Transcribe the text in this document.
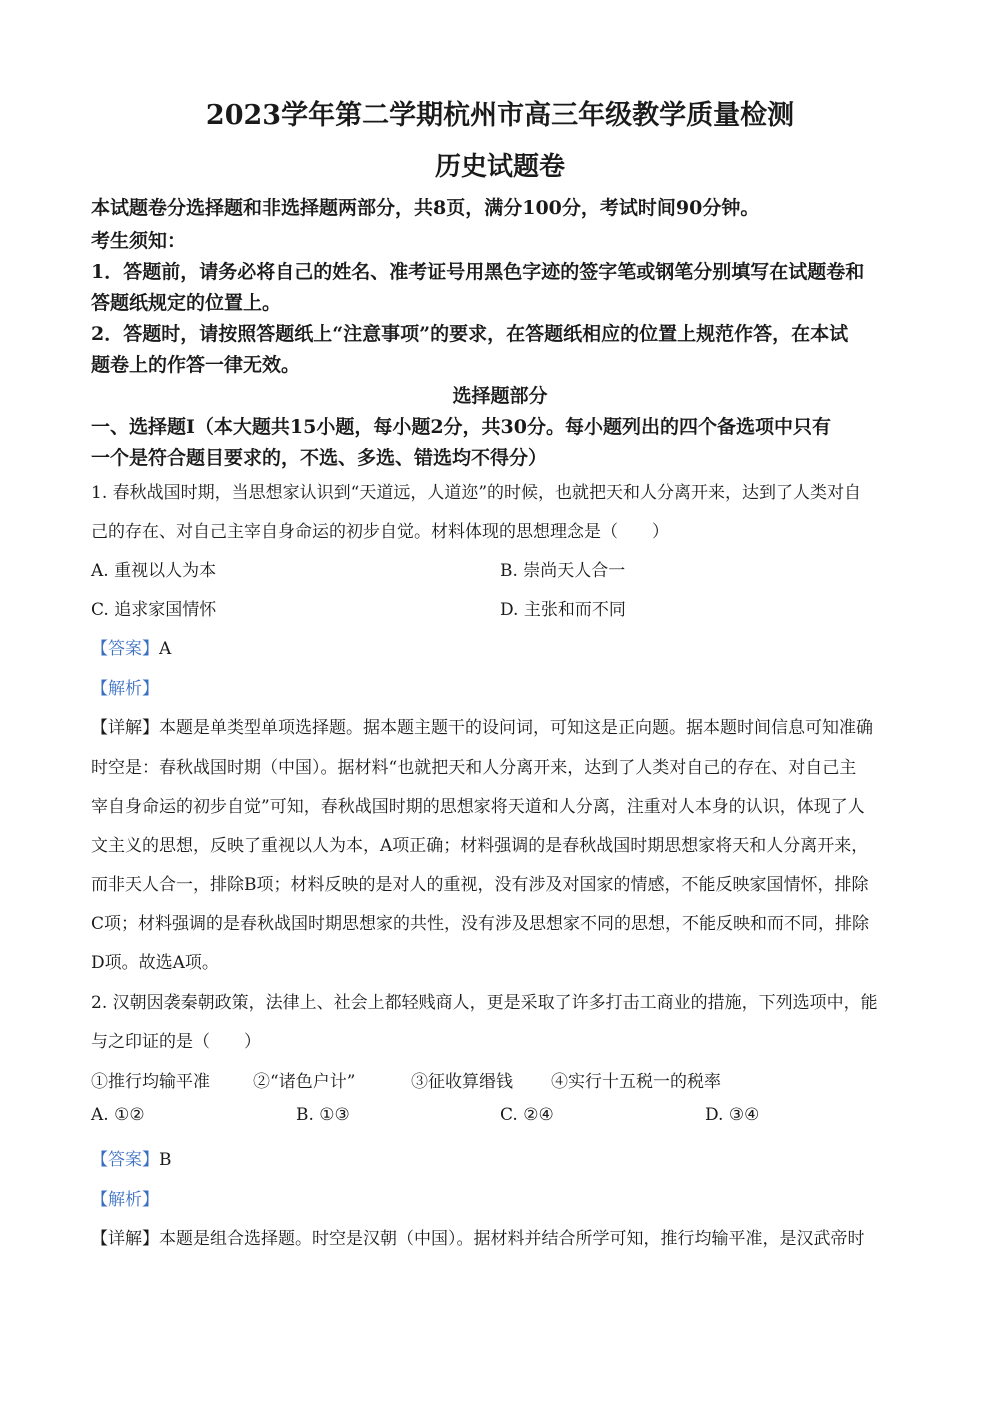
2023学年第二学期杭州市高三年级教学质量检测
历史试题卷
本试题卷分选择题和非选择题两部分，共8页，满分100分，考试时间90分钟。
考生须知：
1．答题前，请务必将自己的姓名、准考证号用黑色字迹的签字笔或钢笔分别填写在试题卷和
答题纸规定的位置上。
2．答题时，请按照答题纸上“注意事项”的要求，在答题纸相应的位置上规范作答，在本试
题卷上的作答一律无效。
选择题部分
一、选择题Ⅰ（本大题共15小题，每小题2分，共30分。每小题列出的四个备选项中只有
一个是符合题目要求的，不选、多选、错选均不得分）
1. 春秋战国时期，当思想家认识到“天道远，人道迩”的时候，也就把天和人分离开来，达到了人类对自
己的存在、对自己主宰自身命运的初步自觉。材料体现的思想理念是（　　）
A. 重视以人为本	B. 崇尚天人合一
C. 追求家国情怀	D. 主张和而不同
【答案】A
【解析】
【详解】本题是单类型单项选择题。据本题主题干的设问词，可知这是正向题。据本题时间信息可知准确
时空是：春秋战国时期（中国）。据材料“也就把天和人分离开来，达到了人类对自己的存在、对自己主
宰自身命运的初步自觉”可知，春秋战国时期的思想家将天道和人分离，注重对人本身的认识，体现了人
文主义的思想，反映了重视以人为本，A项正确；材料强调的是春秋战国时期思想家将天和人分离开来，
而非天人合一，排除B项；材料反映的是对人的重视，没有涉及对国家的情感，不能反映家国情怀，排除
C项；材料强调的是春秋战国时期思想家的共性，没有涉及思想家不同的思想，不能反映和而不同，排除
D项。故选A项。
2. 汉朝因袭秦朝政策，法律上、社会上都轻贱商人，更是采取了许多打击工商业的措施，下列选项中，能
与之印证的是（　　）
①推行均输平准	②“诸色户计”	③征收算缗钱 ④实行十五税一的税率
A. ①②	B. ①③	C. ②④	D. ③④
【答案】B
【解析】
【详解】本题是组合选择题。时空是汉朝（中国）。据材料并结合所学可知，推行均输平准，是汉武帝时
